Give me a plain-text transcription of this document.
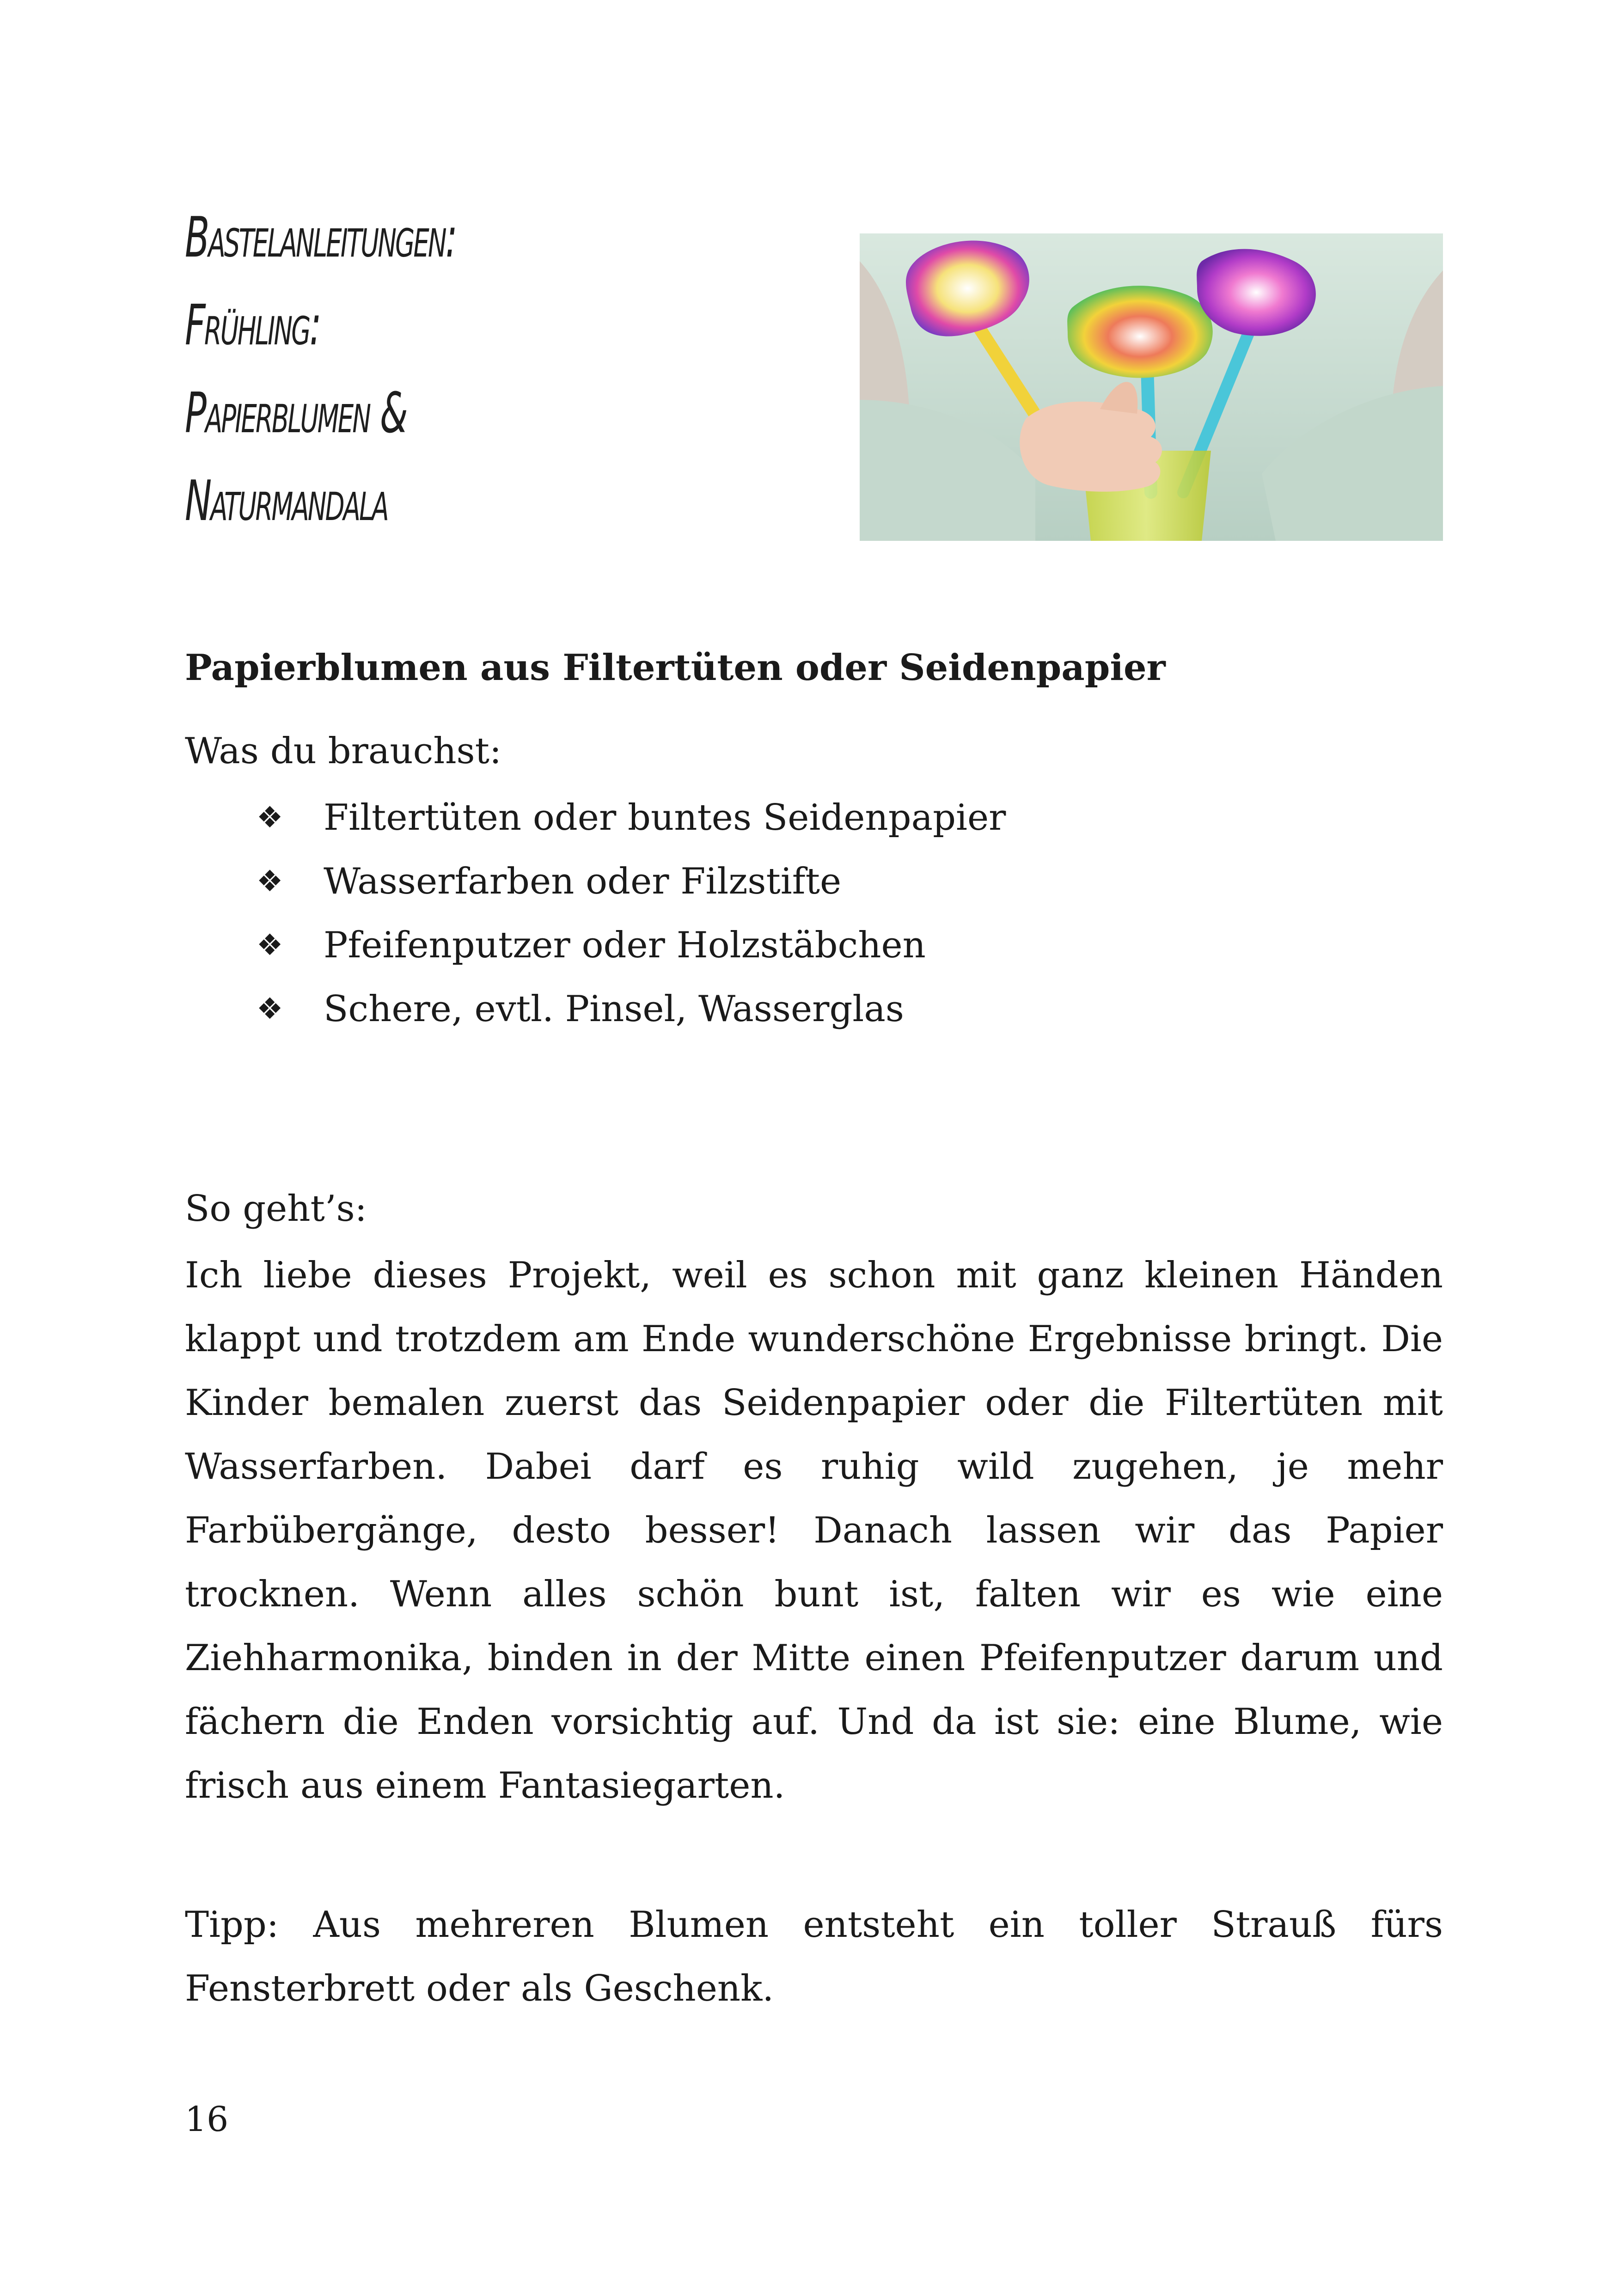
Bastelanleitungen:
Frühling:
Papierblumen &
Naturmandala
Papierblumen aus Filtertüten oder Seidenpapier
Was du brauchst:
❖	Filtertüten oder buntes Seidenpapier
❖	Wasserfarben oder Filzstifte
❖	Pfeifenputzer oder Holzstäbchen
❖	Schere, evtl. Pinsel, Wasserglas
So geht’s:
Ich liebe dieses Projekt, weil es schon mit ganz kleinen Händen klappt und trotzdem am Ende wunderschöne Ergebnisse bringt. Die Kinder bemalen zuerst das Seidenpapier oder die Filtertüten mit Wasserfarben. Dabei darf es ruhig wild zugehen, je mehr Farbübergänge, desto besser! Danach lassen wir das Papier trocknen. Wenn alles schön bunt ist, falten wir es wie eine Ziehharmonika, binden in der Mitte einen Pfeifenputzer darum und fächern die Enden vorsichtig auf. Und da ist sie: eine Blume, wie frisch aus einem Fantasiegarten.
Tipp: Aus mehreren Blumen entsteht ein toller Strauß fürs Fensterbrett oder als Geschenk.
16
